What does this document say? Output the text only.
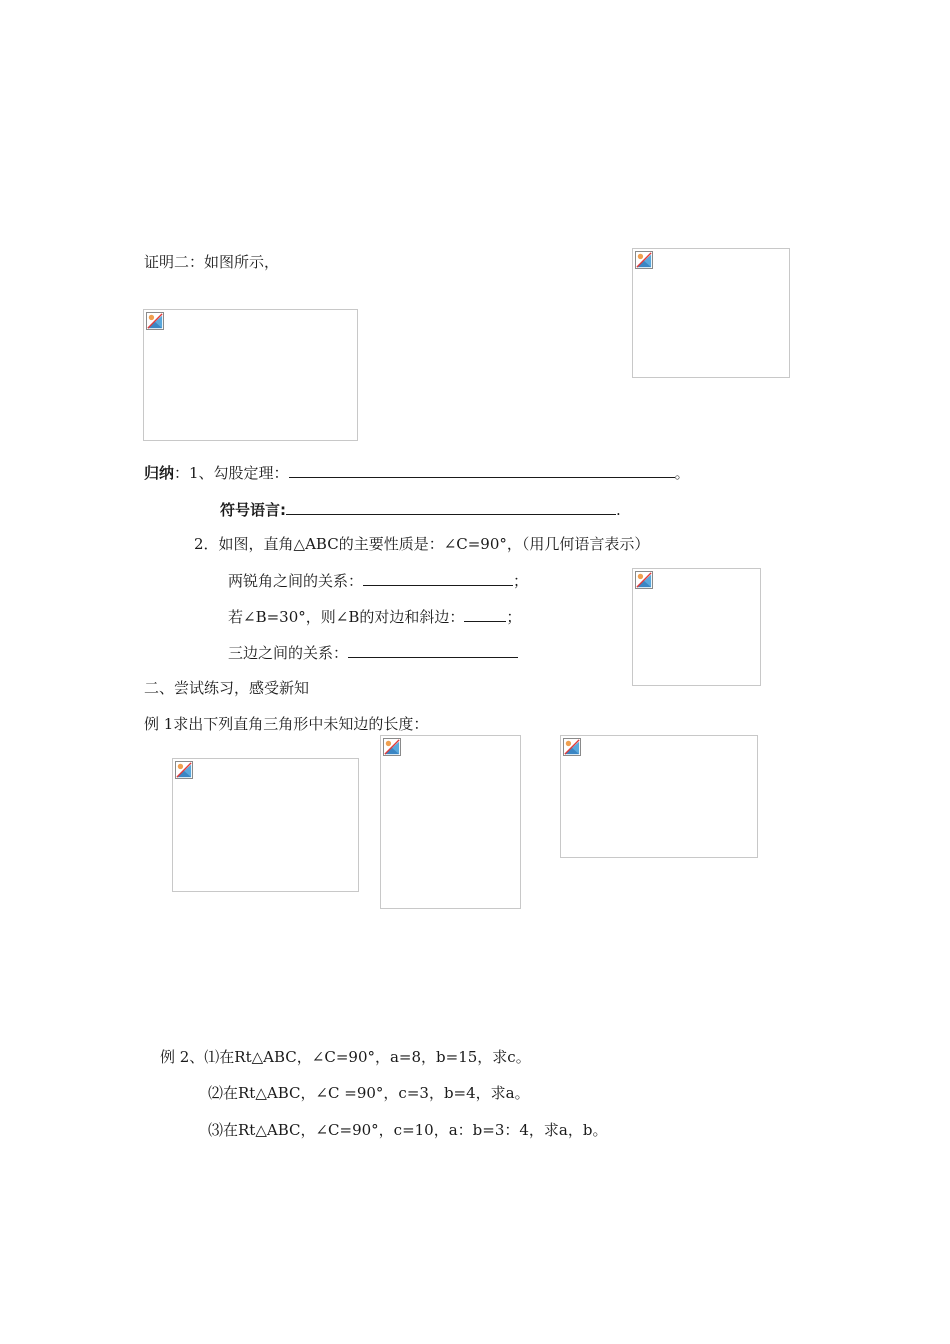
证明二：如图所示，
归纳：1、勾股定理：	。
符号语言:	.
2．如图，直角△ABC的主要性质是：∠C=90°，（用几何语言表示）
两锐角之间的关系：	；
若∠B=30°，则∠B的对边和斜边：	；
三边之间的关系：
二、尝试练习，感受新知
例 1求出下列直角三角形中未知边的长度：
例 2、⑴在Rt△ABC，∠C=90°，a=8，b=15，求c。
⑵在Rt△ABC，∠C =90°，c=3，b=4，求a。
⑶在Rt△ABC，∠C=90°，c=10，a：b=3：4，求a，b。
